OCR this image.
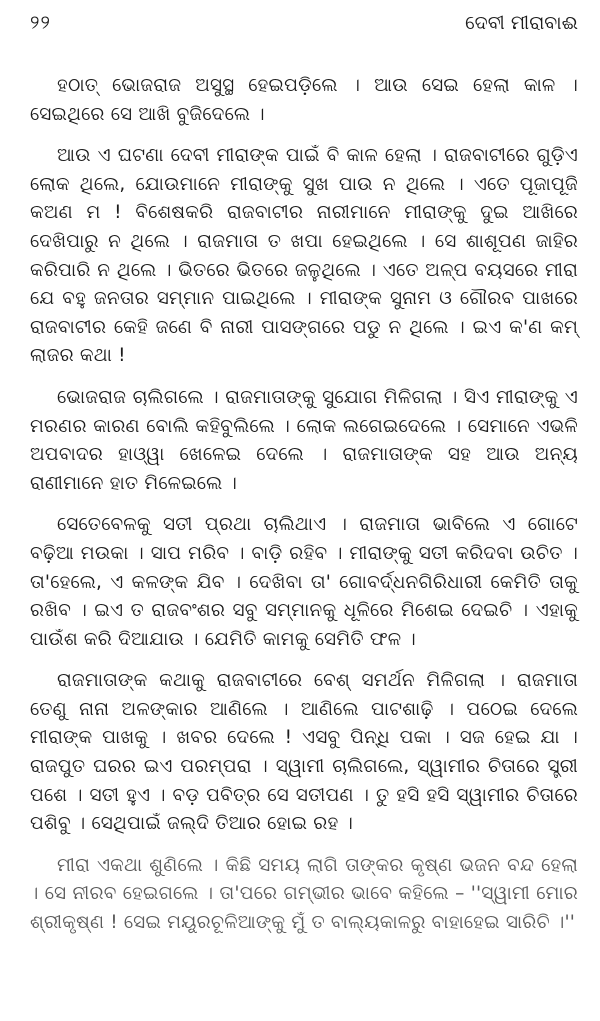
୨୨	ଦେବୀ ମୀରାବାଈ

ହଠାତ୍ ଭୋଜରାଜ ଅସୁସ୍ଥ ହେଇପଡ଼ିଲେ । ଆଉ ସେଇ ହେଲା କାଳ । ସେଇଥିରେ ସେ ଆଖି ବୁଜିଦେଲେ ।

ଆଉ ଏ ଘଟଣା ଦେବୀ ମୀରାଙ୍କ ପାଇଁ ବି କାଳ ହେଲା । ରାଜବାଟୀରେ ଗୁଡ଼ିଏ ଲୋକ ଥିଲେ, ଯୋଉମାନେ ମୀରାଙ୍କୁ ସୁଖ ପାଉ ନ ଥିଲେ । ଏତେ ପୂଜାପୂଜି କଅଣ ମ ! ବିଶେଷକରି ରାଜବାଟୀର ନାରୀମାନେ ମୀରାଙ୍କୁ ଦୁଇ ଆଖିରେ ଦେଖିପାରୁ ନ ଥିଲେ । ରାଜମାତା ତ ଖପା ହେଇଥିଲେ । ସେ ଶାଶୂପଣ ଜାହିର କରିପାରି ନ ଥିଲେ । ଭିତରେ ଭିତରେ ଜଳୁଥିଲେ । ଏତେ ଅଳ୍ପ ବୟସରେ ମୀରା ଯେ ବହୁ ଜନତାର ସମ୍ମାନ ପାଇଥିଲେ । ମୀରାଙ୍କ ସୁନାମ ଓ ଗୌରବ ପାଖରେ ରାଜବାଟୀର କେହି ଜଣେ ବି ନାରୀ ପାସଙ୍ଗରେ ପଡୁ ନ ଥିଲେ । ଇଏ କ'ଣ କମ୍ ଲାଜର କଥା !

ଭୋଜରାଜ ଚାଲିଗଲେ । ରାଜମାତାଙ୍କୁ ସୁଯୋଗ ମିଳିଗଲା । ସିଏ ମୀରାଙ୍କୁ ଏ ମରଣର କାରଣ ବୋଲି କହିବୁଲିଲେ । ଲୋକ ଲଗେଇଦେଲେ । ସେମାନେ ଏଭଳି ଅପବାଦର ହାଓ୍ୱା ଖେଳେଇ ଦେଲେ । ରାଜମାତାଙ୍କ ସହ ଆଉ ଅନ୍ୟ ରାଣୀମାନେ ହାତ ମିଳେଇଲେ ।

ସେତେବେଳକୁ ସତୀ ପ୍ରଥା ଚାଲିଥାଏ । ରାଜମାତା ଭାବିଲେ ଏ ଗୋଟେ ବଢ଼ିଆ ମଉକା । ସାପ ମରିବ । ବାଡ଼ି ରହିବ । ମୀରାଙ୍କୁ ସତୀ କରିଦବା ଉଚିତ । ତା'ହେଲେ, ଏ କଳଙ୍କ ଯିବ । ଦେଖିବା ତା' ଗୋବର୍ଦ୍ଧନଗିରିଧାରୀ କେମିତି ତାକୁ ରଖିବ । ଇଏ ତ ରାଜବଂଶର ସବୁ ସମ୍ମାନକୁ ଧୂଳିରେ ମିଶେଇ ଦେଇଚି । ଏହାକୁ ପାଉଁଶ କରି ଦିଆଯାଉ । ଯେମିତି କାମକୁ ସେମିତି ଫଳ ।

ରାଜମାତାଙ୍କ କଥାକୁ ରାଜବାଟୀରେ ବେଶ୍ ସମର୍ଥନ ମିଳିଗଲା । ରାଜମାତା ତେଣୁ ନାନା ଅଳଙ୍କାର ଆଣିଲେ । ଆଣିଲେ ପାଟଶାଢ଼ି । ପଠେଇ ଦେଲେ ମୀରାଙ୍କ ପାଖକୁ । ଖବର ଦେଲେ ! ଏସବୁ ପିନ୍ଧି ପକା । ସଜ ହେଇ ଯା । ରାଜପୁତ ଘରର ଇଏ ପରମ୍ପରା । ସ୍ୱାମୀ ଚାଲିଗଲେ, ସ୍ୱାମୀର ଚିତାରେ ସ୍ତ୍ରୀ ପଶେ । ସତୀ ହୁଏ । ବଡ଼ ପବିତ୍ର ସେ ସତୀପଣ । ତୁ ହସି ହସି ସ୍ୱାମୀର ଚିତାରେ ପଶିବୁ । ସେଥିପାଇଁ ଜଲ୍‌ଦି ତିଆର ହୋଇ ରହ ।

ମୀରା ଏକଥା ଶୁଣିଲେ । କିଛି ସମୟ ଲାଗି ତାଙ୍କର କୃଷ୍ଣ ଭଜନ ବନ୍ଦ ହେଲା । ସେ ନୀରବ ହେଇଗଲେ । ତା'ପରେ ଗମ୍ଭୀର ଭାବେ କହିଲେ – ''ସ୍ୱାମୀ ମୋର ଶ୍ରୀକୃଷ୍ଣ ! ସେଇ ମୟୂରଚୂଳିଆଙ୍କୁ ମୁଁ ତ ବାଲ୍ୟକାଳରୁ ବାହାହେଇ ସାରିଚି ।''
